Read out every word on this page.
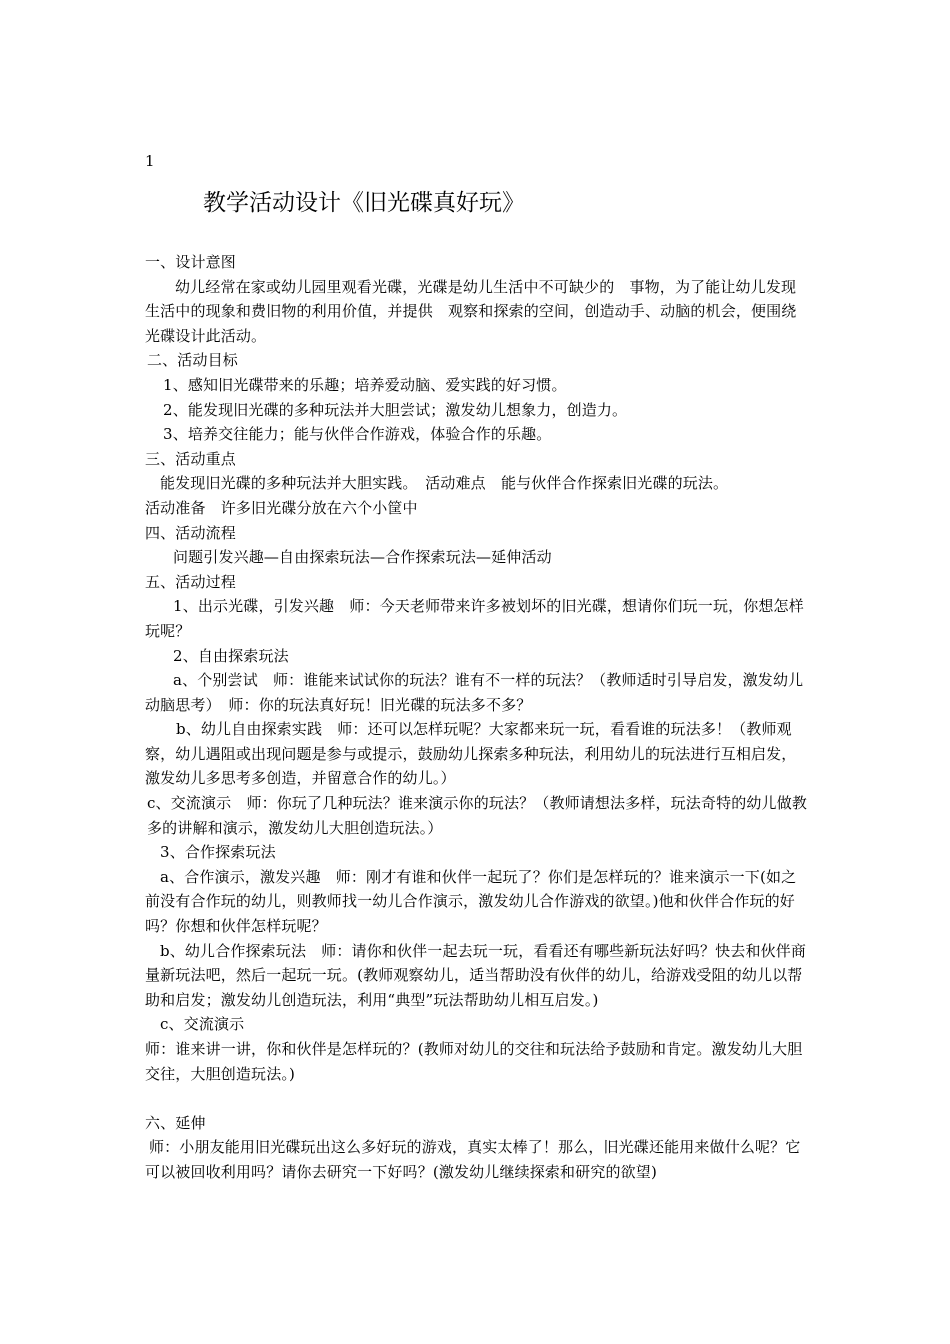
1
教学活动设计《旧光碟真好玩》

一、设计意图

幼儿经常在家或幼儿园里观看光碟，光碟是幼儿生活中不可缺少的　事物，为了能让幼儿发现生活中的现象和费旧物的利用价值，并提供　观察和探索的空间，创造动手、动脑的机会，便围绕光碟设计此活动。

二、活动目标

1、感知旧光碟带来的乐趣；培养爱动脑、爱实践的好习惯。

2、能发现旧光碟的多种玩法并大胆尝试；激发幼儿想象力，创造力。

3、培养交往能力；能与伙伴合作游戏，体验合作的乐趣。

三、活动重点

能发现旧光碟的多种玩法并大胆实践。　活动难点　能与伙伴合作探索旧光碟的玩法。

活动准备　许多旧光碟分放在六个小筐中

四、活动流程

问题引发兴趣—自由探索玩法—合作探索玩法—延伸活动

五、活动过程

1、出示光碟，引发兴趣　师：今天老师带来许多被划坏的旧光碟，想请你们玩一玩，你想怎样玩呢？

2、自由探索玩法

a、个别尝试　师：谁能来试试你的玩法？谁有不一样的玩法？（教师适时引导启发，激发幼儿动脑思考）　师：你的玩法真好玩！旧光碟的玩法多不多？

b、幼儿自由探索实践　师：还可以怎样玩呢？大家都来玩一玩，看看谁的玩法多！（教师观察，幼儿遇阻或出现问题是参与或提示，鼓励幼儿探索多种玩法，利用幼儿的玩法进行互相启发，激发幼儿多思考多创造，并留意合作的幼儿。）

c、交流演示　师：你玩了几种玩法？谁来演示你的玩法？（教师请想法多样，玩法奇特的幼儿做教多的讲解和演示，激发幼儿大胆创造玩法。）

3、合作探索玩法

a、合作演示，激发兴趣　师：刚才有谁和伙伴一起玩了？你们是怎样玩的？谁来演示一下(如之前没有合作玩的幼儿，则教师找一幼儿合作演示，激发幼儿合作游戏的欲望。)他和伙伴合作玩的好吗？你想和伙伴怎样玩呢？

b、幼儿合作探索玩法　师：请你和伙伴一起去玩一玩，看看还有哪些新玩法好吗？快去和伙伴商量新玩法吧，然后一起玩一玩。(教师观察幼儿，适当帮助没有伙伴的幼儿，给游戏受阻的幼儿以帮助和启发；激发幼儿创造玩法，利用“典型”玩法帮助幼儿相互启发。)

c、交流演示

师：谁来讲一讲，你和伙伴是怎样玩的？(教师对幼儿的交往和玩法给予鼓励和肯定。激发幼儿大胆交往，大胆创造玩法。)

六、延伸

师：小朋友能用旧光碟玩出这么多好玩的游戏，真实太棒了！那么，旧光碟还能用来做什么呢？它可以被回收利用吗？请你去研究一下好吗？(激发幼儿继续探索和研究的欲望)
